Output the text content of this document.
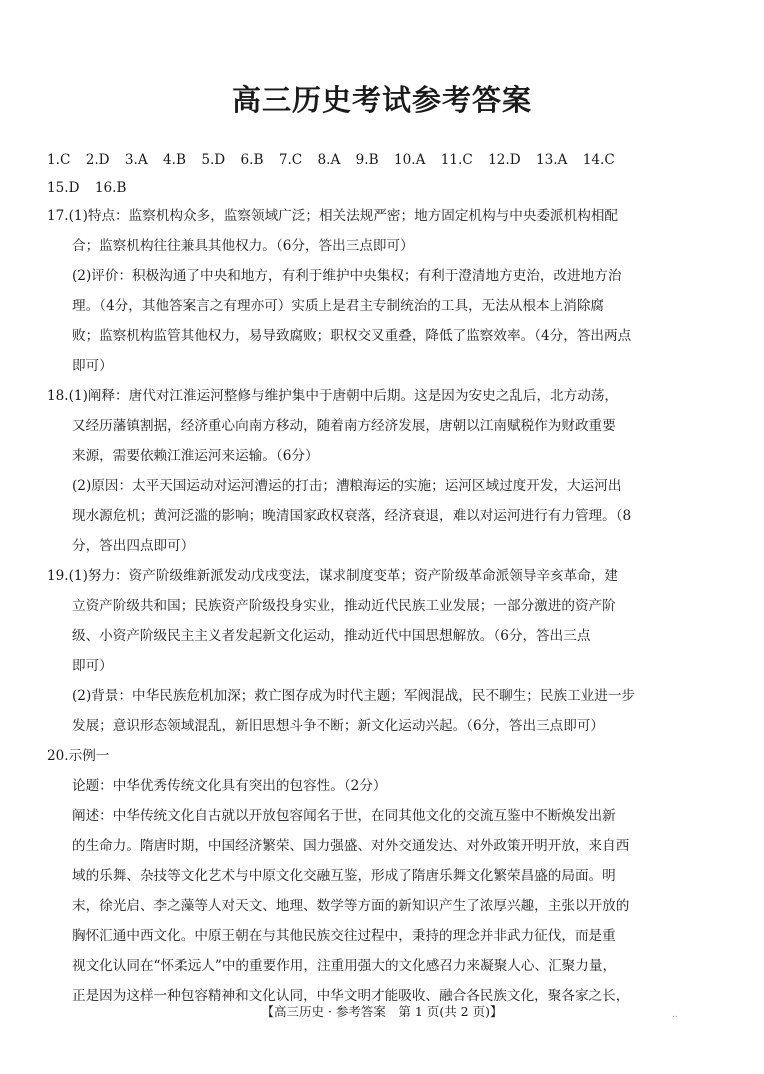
高三历史考试参考答案
1.C 2.D 3.A 4.B 5.D 6.B 7.C 8.A 9.B 10.A 11.C 12.D 13.A 14.C
15.D 16.B
17.(1)特点：监察机构众多，监察领域广泛；相关法规严密；地方固定机构与中央委派机构相配
合；监察机构往往兼具其他权力。（6分，答出三点即可）
(2)评价：积极沟通了中央和地方，有利于维护中央集权；有利于澄清地方吏治，改进地方治
理。（4分，其他答案言之有理亦可）实质上是君主专制统治的工具，无法从根本上消除腐
败；监察机构监管其他权力，易导致腐败；职权交叉重叠，降低了监察效率。（4分，答出两点
即可）
18.(1)阐释：唐代对江淮运河整修与维护集中于唐朝中后期。这是因为安史之乱后，北方动荡，
又经历藩镇割据，经济重心向南方移动，随着南方经济发展，唐朝以江南赋税作为财政重要
来源，需要依赖江淮运河来运输。（6分）
(2)原因：太平天国运动对运河漕运的打击；漕粮海运的实施；运河区域过度开发，大运河出
现水源危机；黄河泛滥的影响；晚清国家政权衰落，经济衰退，难以对运河进行有力管理。（8
分，答出四点即可）
19.(1)努力：资产阶级维新派发动戊戌变法，谋求制度变革；资产阶级革命派领导辛亥革命，建
立资产阶级共和国；民族资产阶级投身实业，推动近代民族工业发展；一部分激进的资产阶
级、小资产阶级民主主义者发起新文化运动，推动近代中国思想解放。（6分，答出三点
即可）
(2)背景：中华民族危机加深；救亡图存成为时代主题；军阀混战，民不聊生；民族工业进一步
发展；意识形态领域混乱，新旧思想斗争不断；新文化运动兴起。（6分，答出三点即可）
20.示例一
论题：中华优秀传统文化具有突出的包容性。（2分）
阐述：中华传统文化自古就以开放包容闻名于世，在同其他文化的交流互鉴中不断焕发出新
的生命力。隋唐时期，中国经济繁荣、国力强盛、对外交通发达、对外政策开明开放，来自西
域的乐舞、杂技等文化艺术与中原文化交融互鉴，形成了隋唐乐舞文化繁荣昌盛的局面。明
末，徐光启、李之藻等人对天文、地理、数学等方面的新知识产生了浓厚兴趣，主张以开放的
胸怀汇通中西文化。中原王朝在与其他民族交往过程中，秉持的理念并非武力征伐，而是重
视文化认同在“怀柔远人”中的重要作用，注重用强大的文化感召力来凝聚人心、汇聚力量，
正是因为这样一种包容精神和文化认同，中华文明才能吸收、融合各民族文化，聚各家之长，
【高三历史 · 参考答案　第 1 页(共 2 页)】	..
